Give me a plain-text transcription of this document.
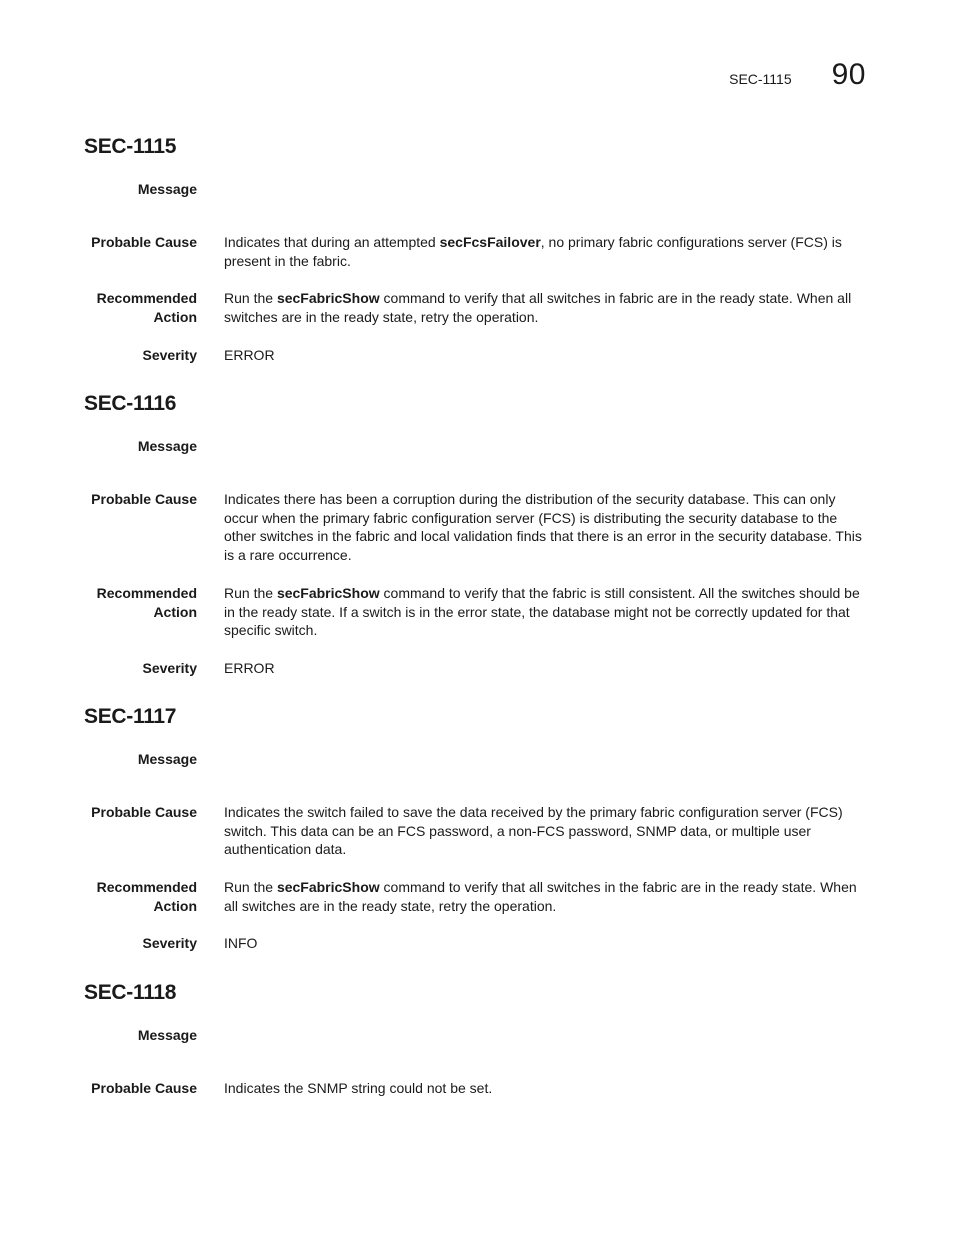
SEC-1115 90
SEC-1115
Message
Probable Cause Indicates that during an attempted secFcsFailover, no primary fabric configurations server (FCS) is present in the fabric.
Recommended
Action
Run the secFabricShow command to verify that all switches in fabric are in the ready state. When all switches are in the ready state, retry the operation.
Severity ERROR
SEC-1116
Message
Probable Cause Indicates there has been a corruption during the distribution of the security database. This can only occur when the primary fabric configuration server (FCS) is distributing the security database to the other switches in the fabric and local validation finds that there is an error in the security database. This is a rare occurrence.
Recommended
Action
Run the secFabricShow command to verify that the fabric is still consistent. All the switches should be in the ready state. If a switch is in the error state, the database might not be correctly updated for that specific switch.
Severity ERROR
SEC-1117
Message
Probable Cause Indicates the switch failed to save the data received by the primary fabric configuration server (FCS) switch. This data can be an FCS password, a non-FCS password, SNMP data, or multiple user authentication data.
Recommended
Action
Run the secFabricShow command to verify that all switches in the fabric are in the ready state. When all switches are in the ready state, retry the operation.
Severity INFO
SEC-1118
Message
Probable Cause Indicates the SNMP string could not be set.
